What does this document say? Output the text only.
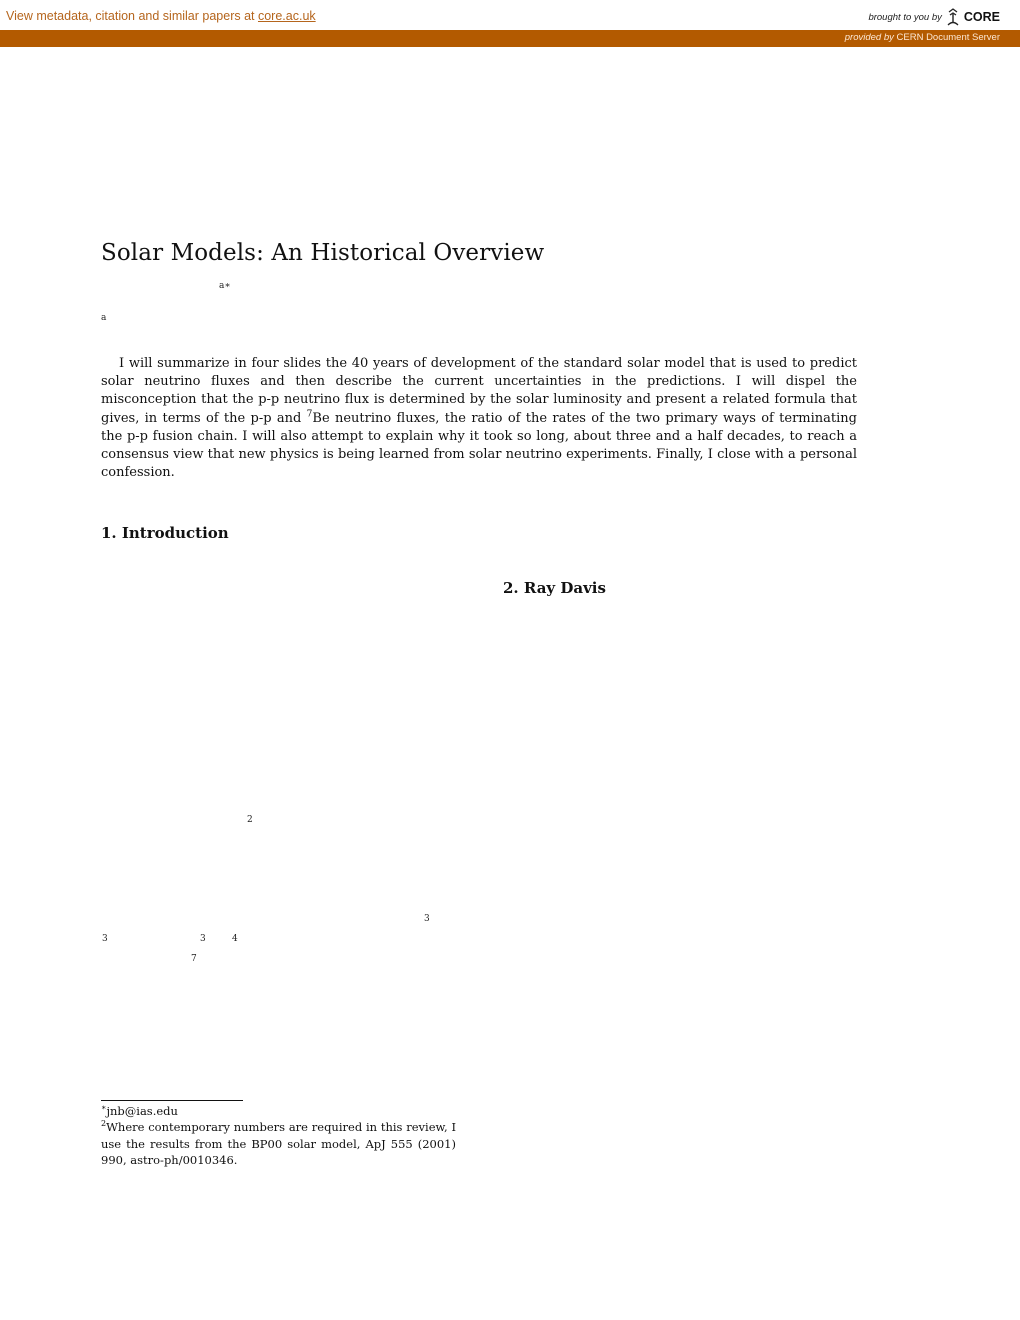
View metadata, citation and similar papers at core.ac.uk	brought to you by CORE
provided by CERN Document Server
Solar Models: An Historical Overview
a∗
a

I will summarize in four slides the 40 years of development of the standard solar model that is used to predict solar neutrino fluxes and then describe the current uncertainties in the predictions. I will dispel the misconception that the p-p neutrino flux is determined by the solar luminosity and present a related formula that gives, in terms of the p-p and $^7$Be neutrino fluxes, the ratio of the rates of the two primary ways of terminating the p-p fusion chain. I will also attempt to explain why it took so long, about three and a half decades, to reach a consensus view that new physics is being learned from solar neutrino experiments. Finally, I close with a personal confession.

1. Introduction
2. Ray Davis
2
3
3	3	4
7

∗jnb@ias.edu

$^2$Where contemporary numbers are required in this review, I use the results from the BP00 solar model, ApJ 555 (2001) 990, astro-ph/0010346.
